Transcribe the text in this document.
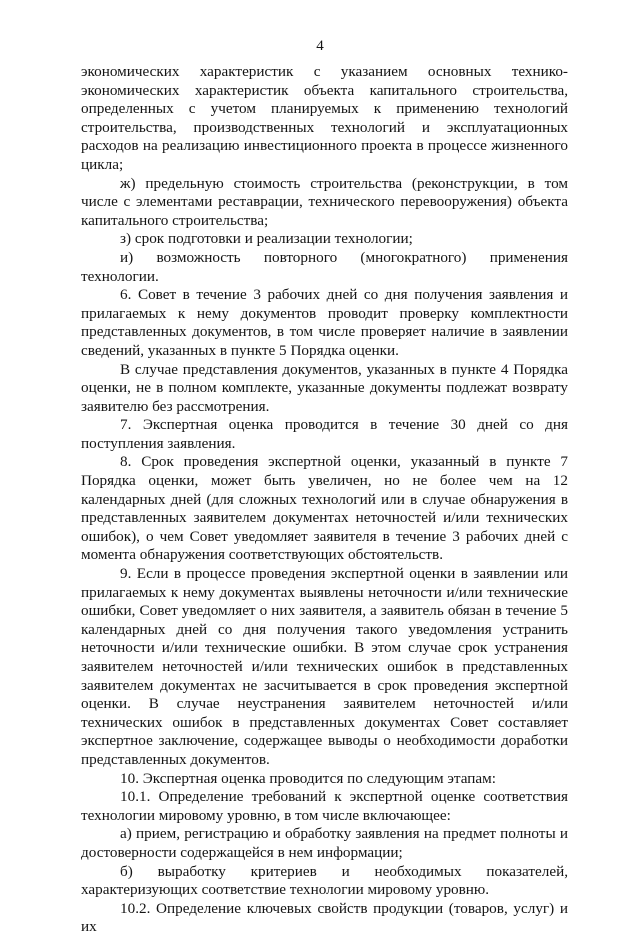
4

экономических характеристик с указанием основных технико-экономических характеристик объекта капитального строительства, определенных с учетом планируемых к применению технологий строительства, производственных технологий и эксплуатационных расходов на реализацию инвестиционного проекта в процессе жизненного цикла;

ж) предельную стоимость строительства (реконструкции, в том числе с элементами реставрации, технического перевооружения) объекта капитального строительства;

з) срок подготовки и реализации технологии;

и) возможность повторного (многократного) применения технологии.

6. Совет в течение 3 рабочих дней со дня получения заявления и прилагаемых к нему документов проводит проверку комплектности представленных документов, в том числе проверяет наличие в заявлении сведений, указанных в пункте 5 Порядка оценки.

В случае представления документов, указанных в пункте 4 Порядка оценки, не в полном комплекте, указанные документы подлежат возврату заявителю без рассмотрения.

7. Экспертная оценка проводится в течение 30 дней со дня поступления заявления.

8. Срок проведения экспертной оценки, указанный в пункте 7 Порядка оценки, может быть увеличен, но не более чем на 12 календарных дней (для сложных технологий или в случае обнаружения в представленных заявителем документах неточностей и/или технических ошибок), о чем Совет уведомляет заявителя в течение 3 рабочих дней с момента обнаружения соответствующих обстоятельств.

9. Если в процессе проведения экспертной оценки в заявлении или прилагаемых к нему документах выявлены неточности и/или технические ошибки, Совет уведомляет о них заявителя, а заявитель обязан в течение 5 календарных дней со дня получения такого уведомления устранить неточности и/или технические ошибки. В этом случае срок устранения заявителем неточностей и/или технических ошибок в представленных заявителем документах не засчитывается в срок проведения экспертной оценки. В случае неустранения заявителем неточностей и/или технических ошибок в представленных документах Совет составляет экспертное заключение, содержащее выводы о необходимости доработки представленных документов.

10. Экспертная оценка проводится по следующим этапам:

10.1. Определение требований к экспертной оценке соответствия технологии мировому уровню, в том числе включающее:

а) прием, регистрацию и обработку заявления на предмет полноты и достоверности содержащейся в нем информации;

б) выработку критериев и необходимых показателей, характеризующих соответствие технологии мировому уровню.

10.2. Определение ключевых свойств продукции (товаров, услуг) и их
